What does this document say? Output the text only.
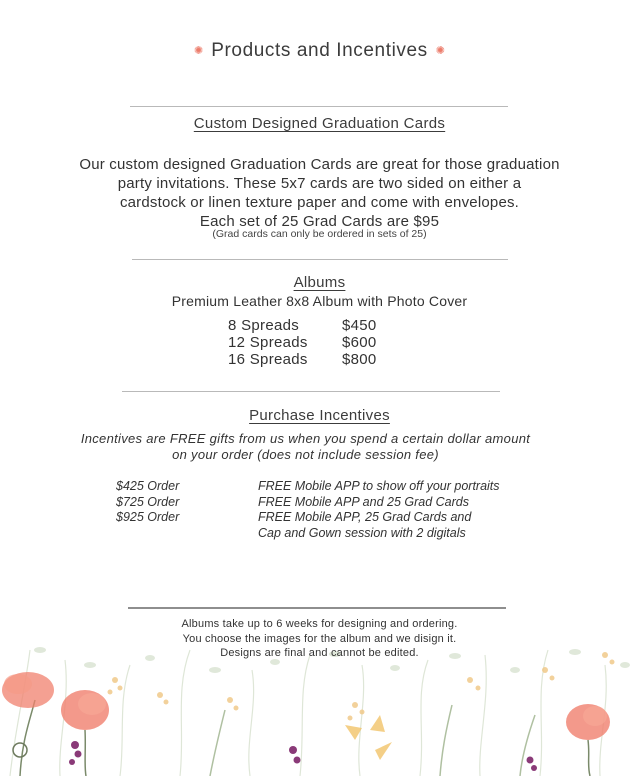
✺ Products and Incentives ✺
Custom Designed Graduation Cards
Our custom designed Graduation Cards are great for those graduation
party invitations. These 5x7 cards are two sided on either a
cardstock or linen texture paper and come with envelopes.
Each set of 25 Grad Cards are $95
(Grad cards can only be ordered in sets of 25)
Albums
Premium Leather 8x8 Album with Photo Cover
8 Spreads	$450
12 Spreads	$600
16 Spreads	$800
Purchase Incentives
Incentives are FREE gifts from us when you spend a certain dollar amount
on your order (does not include session fee)
$425 Order	FREE Mobile APP to show off your portraits
$725 Order	FREE Mobile APP and 25 Grad Cards
$925 Order	FREE Mobile APP, 25 Grad Cards and
Cap and Gown session with 2 digitals
Albums take up to 6 weeks for designing and ordering.
You choose the images for the album and we disign it.
Designs are final and cannot be edited.
